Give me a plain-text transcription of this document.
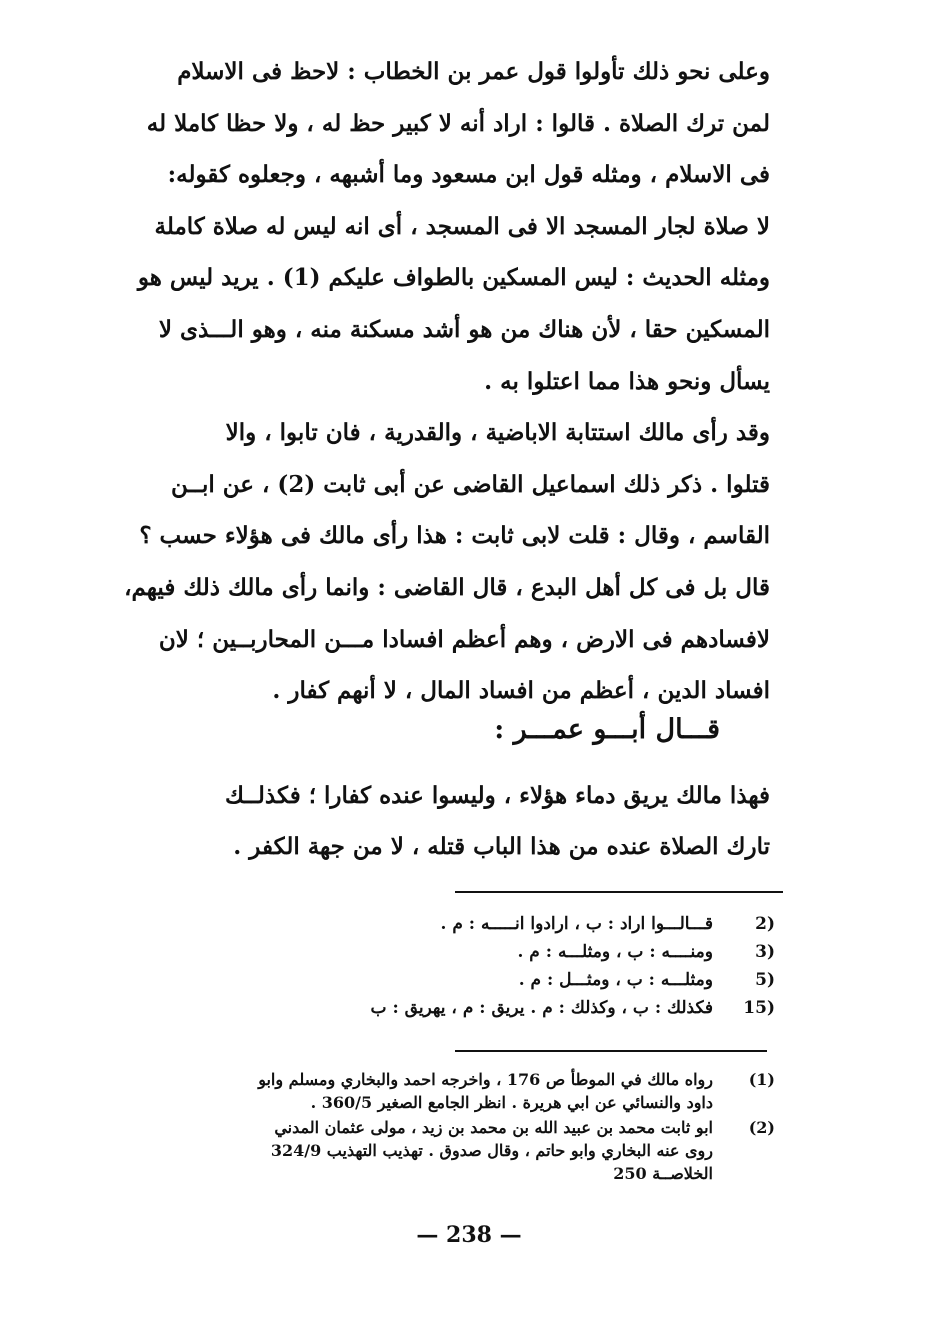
وعلى نحو ذلك تأولوا قول عمر بن الخطاب : لاحظ فى الاسلام
لمن ترك الصلاة . قالوا : اراد أنه لا كبير حظ له ، ولا حظا كاملا له
فى الاسلام ، ومثله قول ابن مسعود وما أشبهه ، وجعلوه كقوله:
لا صلاة لجار المسجد الا فى المسجد ، أى انه ليس له صلاة كاملة
ومثله الحديث : ليس المسكين بالطواف عليكم (1) . يريد ليس هو
المسكين حقا ، لأن هناك من هو أشد مسكنة منه ، وهو الـــذى لا
يسأل ونحو هذا مما اعتلوا به .
وقد رأى مالك استتابة الاباضية ، والقدرية ، فان تابوا ، والا
قتلوا . ذكر ذلك اسماعيل القاضى عن أبى ثابت (2) ، عن ابــن
القاسم ، وقال : قلت لابى ثابت : هذا رأى مالك فى هؤلاء حسب ؟
قال بل فى كل أهل البدع ، قال القاضى : وانما رأى مالك ذلك فيهم،
لافسادهم فى الارض ، وهم أعظم افسادا مـــن المحاربــين ؛ لان
افساد الدين ، أعظم من افساد المال ، لا أنهم كفار .
قـــال أبـــو عمـــر :
فهذا مالك يريق دماء هؤلاء ، وليسوا عنده كفارا ؛ فكذلــك
تارك الصلاة عنده من هذا الباب قتله ، لا من جهة الكفر .
2)
قـــالـــوا اراد : ب ، ارادوا انـــــه : م .
3)
ومنــــه : ب ، ومثلـــه : م .
5)
ومثلـــه : ب ، ومثـــل : م .
15)
فكذلك : ب ، وكذلك : م . يريق : م ، يهريق : ب
(1)
رواه مالك في الموطأ ص 176 ، واخرجه احمد والبخاري ومسلم وابو
داود والنسائي عن ابي هريرة . انظر الجامع الصغير 360/5 .
(2)
ابو ثابت محمد بن عبيد الله بن محمد بن زيد ، مولى عثمان المدني
روى عنه البخاري وابو حاتم ، وقال صدوق . تهذيب التهذيب 324/9
الخلاصــة 250
— 238 —
